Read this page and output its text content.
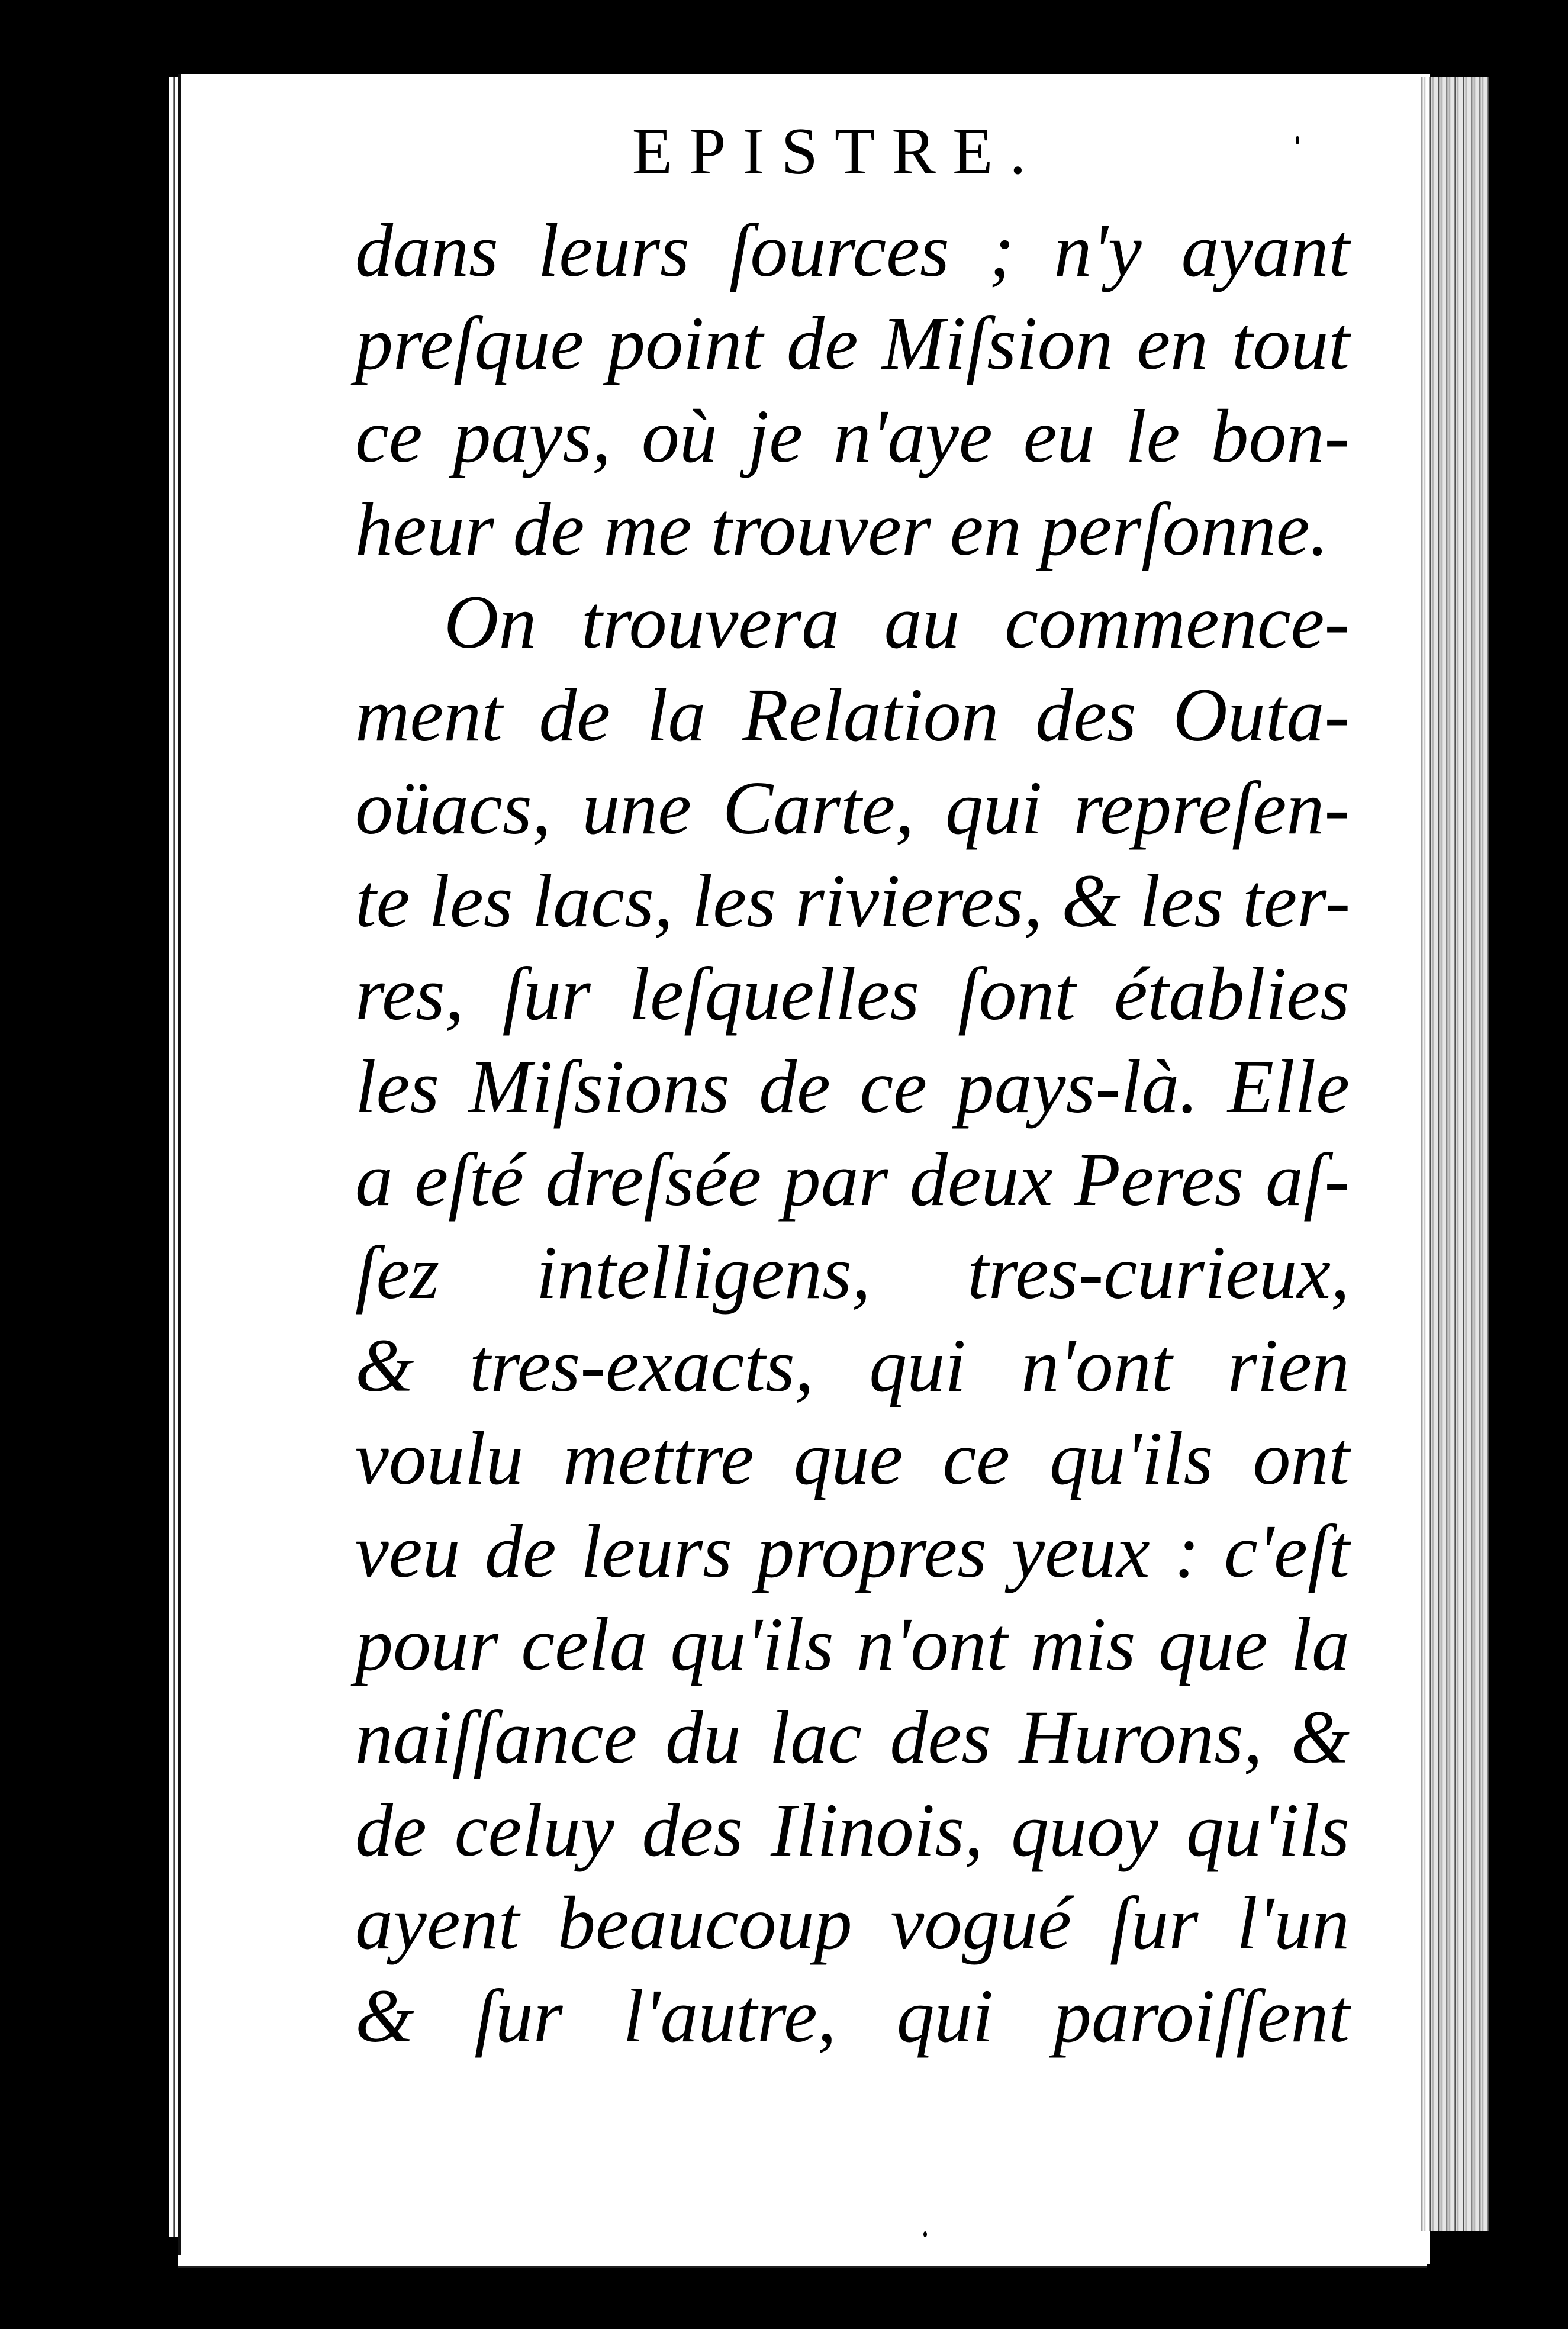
EPISTRE.
dans leurs ſources ; n'y ayant
preſque point de Miſsion en tout
ce pays, où je n'aye eu le bon-
heur de me trouver en perſonne.
On trouvera au commence-
ment de la Relation des Outa-
oüacs, une Carte, qui repreſen-
te les lacs, les rivieres, & les ter-
res, ſur leſquelles ſont établies
les Miſsions de ce pays-là. Elle
a eſté dreſsée par deux Peres aſ-
ſez intelligens, tres-curieux,
& tres-exacts, qui n'ont rien
voulu mettre que ce qu'ils ont
veu de leurs propres yeux : c'eſt
pour cela qu'ils n'ont mis que la
naiſſance du lac des Hurons, &
de celuy des Ilinois, quoy qu'ils
ayent beaucoup vogué ſur l'un
& ſur l'autre, qui paroiſſent
